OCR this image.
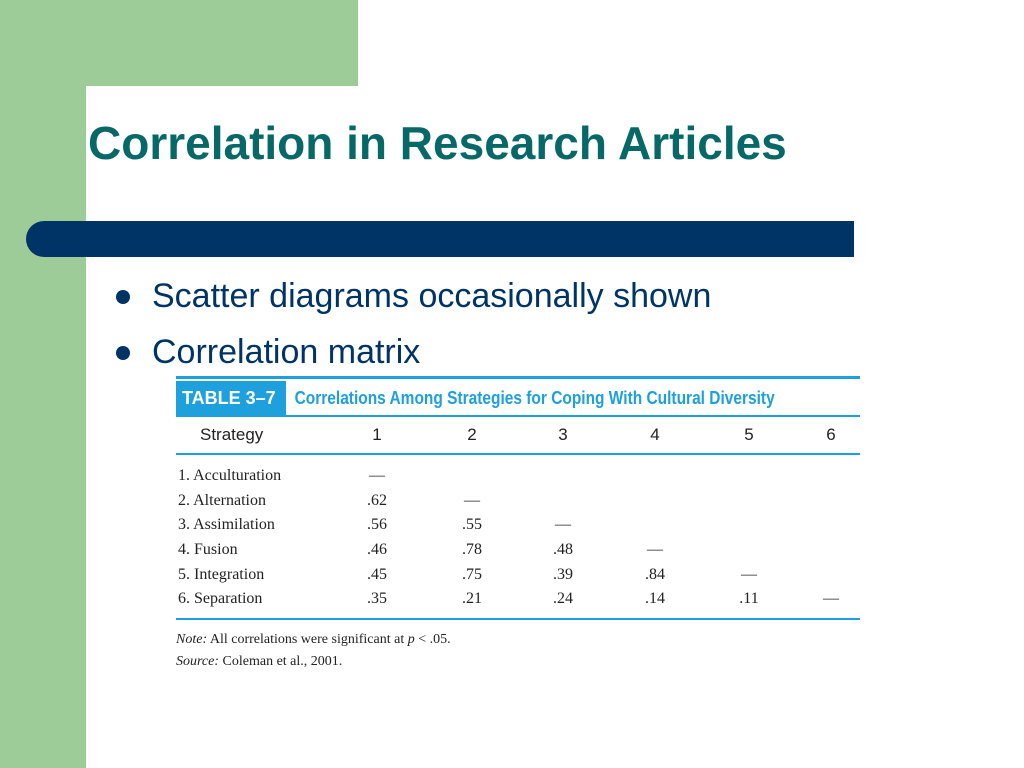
Correlation in Research Articles
Scatter diagrams occasionally shown
Correlation matrix
TABLE 3–7	Correlations Among Strategies for Coping With Cultural Diversity
Strategy	1	2	3	4	5	6

1. Acculturation	—					
2. Alternation	.62	—				
3. Assimilation	.56	.55	—			
4. Fusion	.46	.78	.48	—		
5. Integration	.45	.75	.39	.84	—	
6. Separation	.35	.21	.24	.14	.11	—
Note: All correlations were significant at p < .05.
Source: Coleman et al., 2001.
